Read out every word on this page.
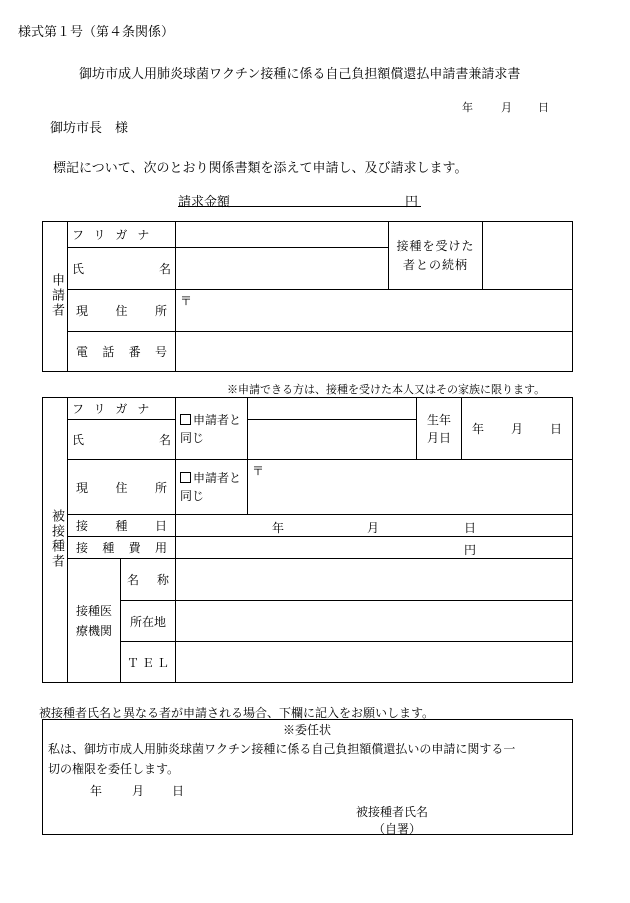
様式第１号（第４条関係）
御坊市成人用肺炎球菌ワクチン接種に係る自己負担額償還払申請書兼請求書
年	月 日
御坊市長　様
標記について、次のとおり関係書類を添えて申請し、及び請求します。
請求金額	円
申請者	フリガナ		接種を受けた者との続柄	

	氏 名			

	現 住 所	〒		

	電 話 番 号			

※申請できる方は、接種を受けた本人又はその家族に限ります。
被接種者	フリガナ		申請者と同じ		生年月日	年 月 日

	氏 名					

	現 住 所		申請者と同じ	〒		

	接 種 日		年 月 日			

	接 種 費 用		円			

	接種医療機関	名 称				

		所在地				

		Ｔ Ｅ Ｌ				

被接種者氏名と異なる者が申請される場合、下欄に記入をお願いします。
※委任状
私は、御坊市成人用肺炎球菌ワクチン接種に係る自己負担額償還払いの申請に関する一
切の権限を委任します。
年 月 日
被接種者氏名
（自署）
